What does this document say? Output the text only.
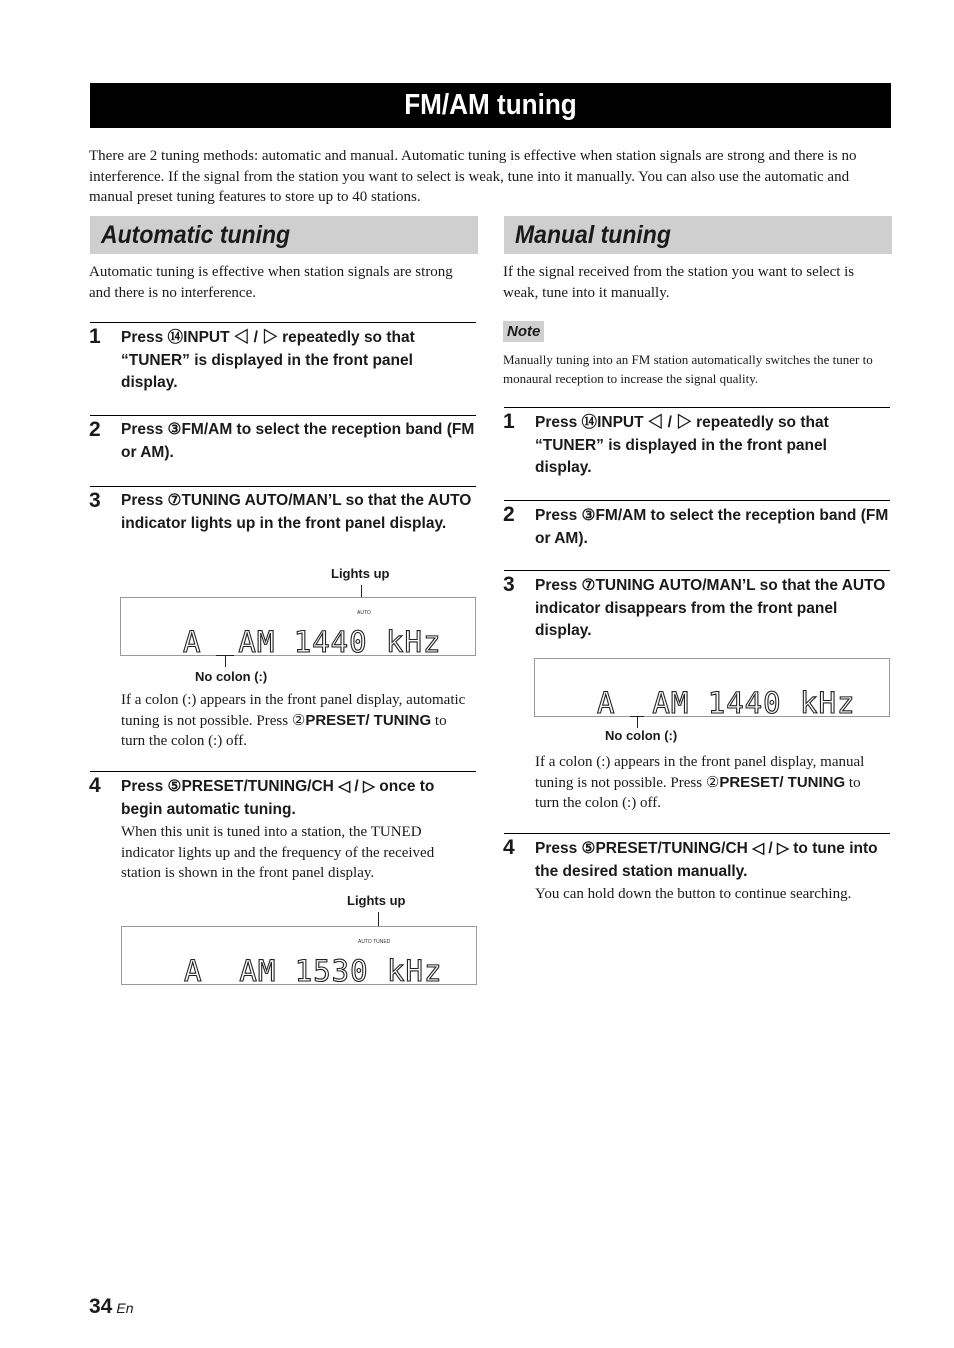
FM/AM tuning
There are 2 tuning methods: automatic and manual. Automatic tuning is effective when station signals are strong and there is no interference. If the signal from the station you want to select is weak, tune into it manually. You can also use the automatic and manual preset tuning features to store up to 40 stations.
Automatic tuning
Automatic tuning is effective when station signals are strong and there is no interference.
1 Press ⑭INPUT ◁ / ▷ repeatedly so that “TUNER” is displayed in the front panel display.
2 Press ③FM/AM to select the reception band (FM or AM).
3 Press ⑦TUNING AUTO/MAN’L so that the AUTO indicator lights up in the front panel display.
Lights up
AUTO
A  AM 1440 kHz
No colon (:)
If a colon (:) appears in the front panel display, automatic tuning is not possible. Press ②PRESET/ TUNING to turn the colon (:) off.
4 Press ⑤PRESET/TUNING/CH ◁ / ▷ once to begin automatic tuning.
When this unit is tuned into a station, the TUNED indicator lights up and the frequency of the received station is shown in the front panel display.
Lights up
AUTO TUNED
A  AM 1530 kHz
Manual tuning
If the signal received from the station you want to select is weak, tune into it manually.
Note
Manually tuning into an FM station automatically switches the tuner to monaural reception to increase the signal quality.
1 Press ⑭INPUT ◁ / ▷ repeatedly so that “TUNER” is displayed in the front panel display.
2 Press ③FM/AM to select the reception band (FM or AM).
3 Press ⑦TUNING AUTO/MAN’L so that the AUTO indicator disappears from the front panel display.
A  AM 1440 kHz
No colon (:)
If a colon (:) appears in the front panel display, manual tuning is not possible. Press ②PRESET/ TUNING to turn the colon (:) off.
4 Press ⑤PRESET/TUNING/CH ◁ / ▷ to tune into the desired station manually.
You can hold down the button to continue searching.
34 En
